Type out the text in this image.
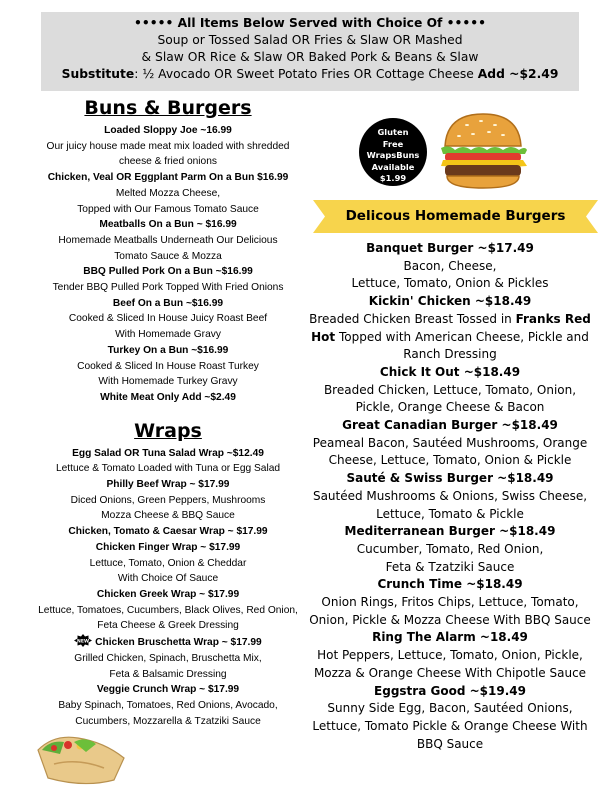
••••• All Items Below Served with Choice Of •••••
Soup or Tossed Salad OR Fries & Slaw OR Mashed
& Slaw OR Rice & Slaw OR Baked Pork & Beans & Slaw
Substitute: ½ Avocado OR Sweet Potato Fries OR Cottage Cheese Add ~$2.49
Buns & Burgers
Loaded Sloppy Joe ~16.99
Our juicy house made meat mix loaded with shredded
cheese & fried onions
Chicken, Veal OR Eggplant Parm On a Bun $16.99
Melted Mozza Cheese,
Topped with Our Famous Tomato Sauce
Meatballs On a Bun ~ $16.99
Homemade Meatballs Underneath Our Delicious
Tomato Sauce & Mozza
BBQ Pulled Pork On a Bun ~$16.99
Tender BBQ Pulled Pork Topped With Fried Onions
Beef On a Bun ~$16.99
Cooked & Sliced In House Juicy Roast Beef
With Homemade Gravy
Turkey On a Bun ~$16.99
Cooked & Sliced In House Roast Turkey
With Homemade Turkey Gravy
White Meat Only Add ~$2.49
Wraps
Egg Salad OR Tuna Salad Wrap ~$12.49
Lettuce & Tomato Loaded with Tuna or Egg Salad
Philly Beef Wrap ~ $17.99
Diced Onions, Green Peppers, Mushrooms
Mozza Cheese & BBQ Sauce
Chicken, Tomato & Caesar Wrap ~ $17.99
Chicken Finger Wrap ~ $17.99
Lettuce, Tomato, Onion & Cheddar
With Choice Of Sauce
Chicken Greek Wrap ~ $17.99
Lettuce, Tomatoes, Cucumbers, Black Olives, Red Onion,
Feta Cheese & Greek Dressing
NEW Chicken Bruschetta Wrap ~ $17.99
Grilled Chicken, Spinach, Bruschetta Mix,
Feta & Balsamic Dressing
Veggie Crunch Wrap ~ $17.99
Baby Spinach, Tomatoes, Red Onions, Avocado,
Cucumbers, Mozzarella & Tzatziki Sauce
Gluten
Free WrapsBuns
Available
$1.99
Delicous Homemade Burgers
Banquet Burger ~$17.49
Bacon, Cheese,
Lettuce, Tomato, Onion & Pickles
Kickin' Chicken ~$18.49
Breaded Chicken Breast Tossed in Franks Red
Hot Topped with American Cheese, Pickle and
Ranch Dressing
Chick It Out ~$18.49
Breaded Chicken, Lettuce, Tomato, Onion,
Pickle, Orange Cheese & Bacon
Great Canadian Burger ~$18.49
Peameal Bacon, Sautéed Mushrooms, Orange
Cheese, Lettuce, Tomato, Onion & Pickle
Sauté & Swiss Burger ~$18.49
Sautéed Mushrooms & Onions, Swiss Cheese,
Lettuce, Tomato & Pickle
Mediterranean Burger ~$18.49
Cucumber, Tomato, Red Onion,
Feta & Tzatziki Sauce
Crunch Time ~$18.49
Onion Rings, Fritos Chips, Lettuce, Tomato,
Onion, Pickle & Mozza Cheese With BBQ Sauce
Ring The Alarm ~18.49
Hot Peppers, Lettuce, Tomato, Onion, Pickle,
Mozza & Orange Cheese With Chipotle Sauce
Eggstra Good ~$19.49
Sunny Side Egg, Bacon, Sautéed Onions,
Lettuce, Tomato Pickle & Orange Cheese With
BBQ Sauce
